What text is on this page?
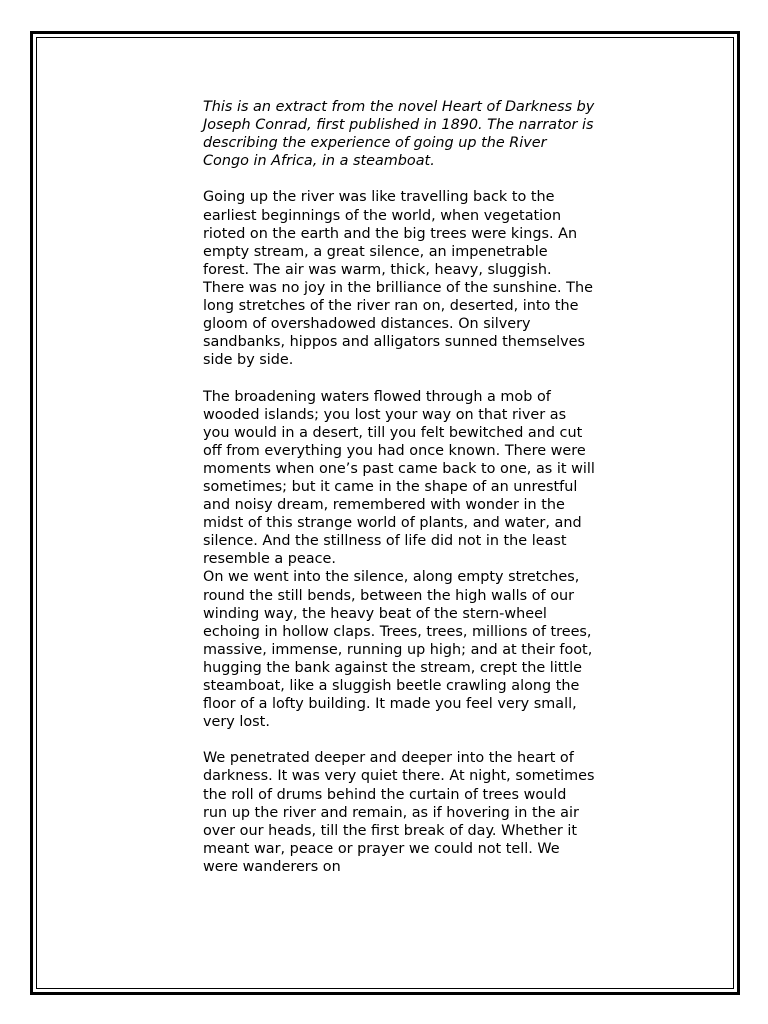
This is an extract from the novel Heart of Darkness by Joseph Conrad, first published in 1890. The narrator is describing the experience of going up the River Congo in Africa, in a steamboat.

Going up the river was like travelling back to the earliest beginnings of the world, when vegetation rioted on the earth and the big trees were kings. An empty stream, a great silence, an impenetrable forest. The air was warm, thick, heavy, sluggish. There was no joy in the brilliance of the sunshine. The long stretches of the river ran on, deserted, into the gloom of overshadowed distances. On silvery sandbanks, hippos and alligators sunned themselves side by side.

The broadening waters flowed through a mob of wooded islands; you lost your way on that river as you would in a desert, till you felt bewitched and cut off from everything you had once known. There were moments when one’s past came back to one, as it will sometimes; but it came in the shape of an unrestful and noisy dream, remembered with wonder in the midst of this strange world of plants, and water, and silence. And the stillness of life did not in the least resemble a peace.

On we went into the silence, along empty stretches, round the still bends, between the high walls of our winding way, the heavy beat of the stern-wheel echoing in hollow claps. Trees, trees, millions of trees, massive, immense, running up high; and at their foot, hugging the bank against the stream, crept the little steamboat, like a sluggish beetle crawling along the floor of a lofty building. It made you feel very small, very lost.

We penetrated deeper and deeper into the heart of darkness. It was very quiet there. At night, sometimes the roll of drums behind the curtain of trees would run up the river and remain, as if hovering in the air over our heads, till the first break of day. Whether it meant war, peace or prayer we could not tell. We were wanderers on
